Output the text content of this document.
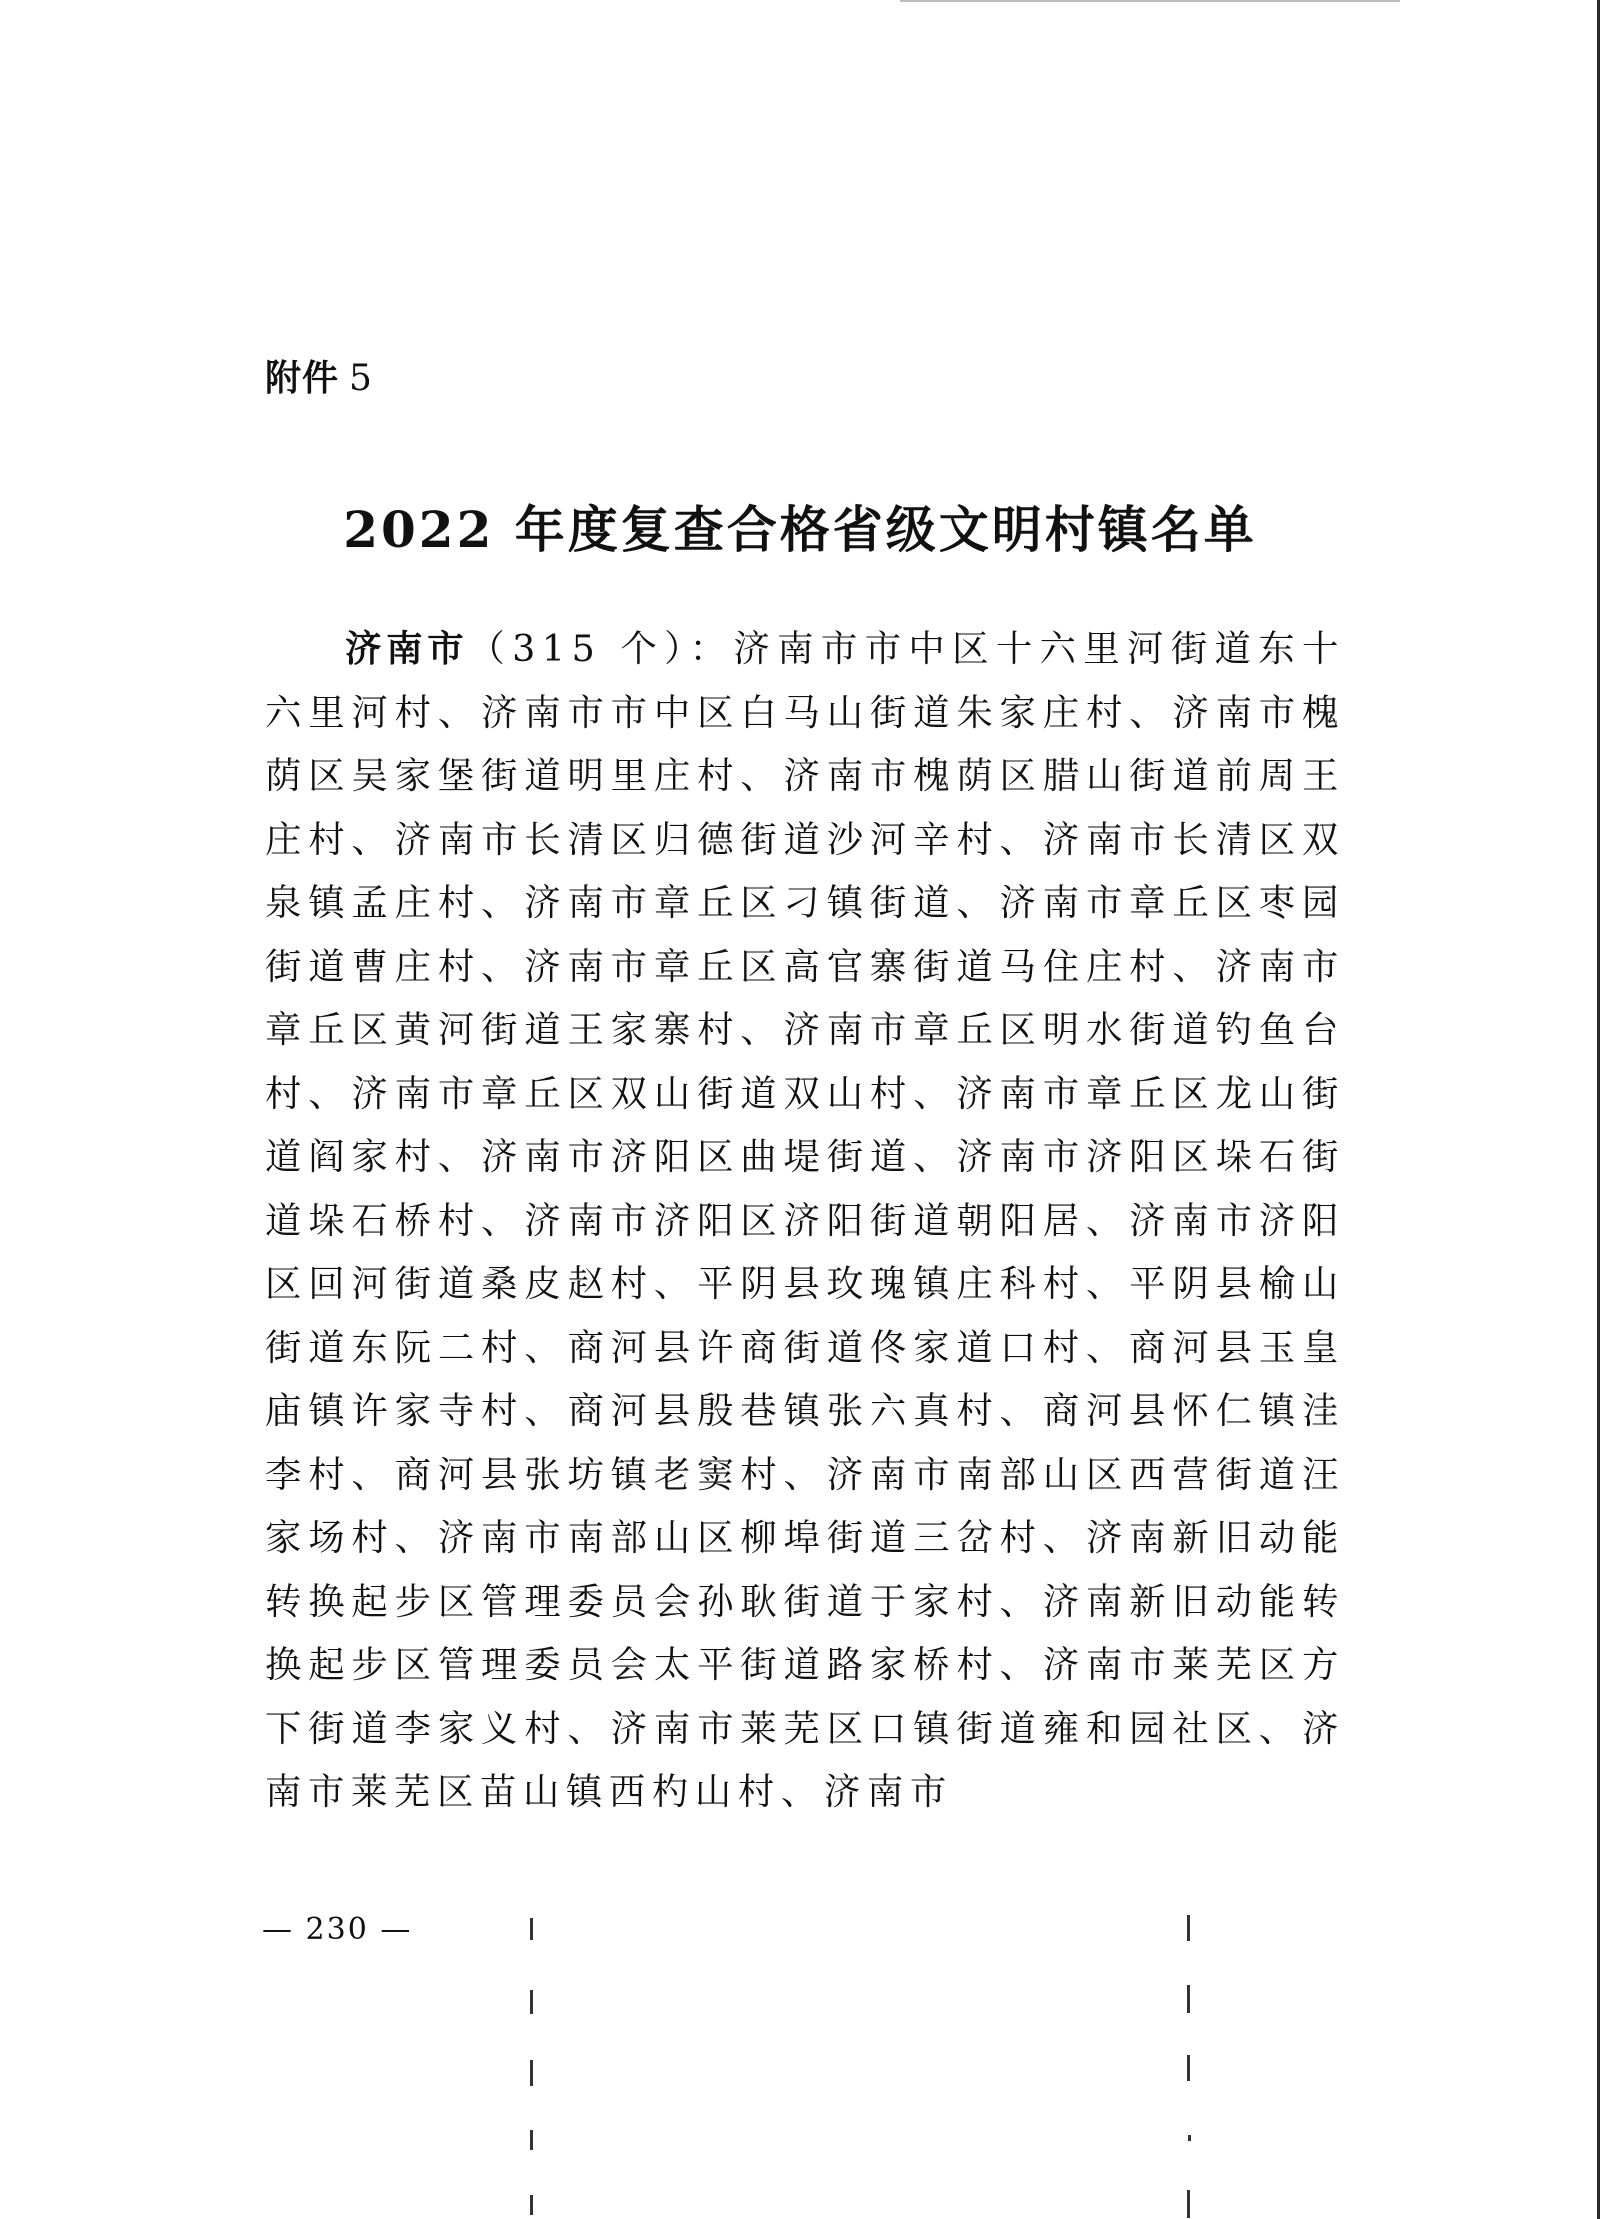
附件 5
2022 年度复查合格省级文明村镇名单

济南市（315 个）：济南市市中区十六里河街道东十六里河村、济南市市中区白马山街道朱家庄村、济南市槐荫区吴家堡街道明里庄村、济南市槐荫区腊山街道前周王庄村、济南市长清区归德街道沙河辛村、济南市长清区双泉镇孟庄村、济南市章丘区刁镇街道、济南市章丘区枣园街道曹庄村、济南市章丘区高官寨街道马住庄村、济南市章丘区黄河街道王家寨村、济南市章丘区明水街道钓鱼台村、济南市章丘区双山街道双山村、济南市章丘区龙山街道阎家村、济南市济阳区曲堤街道、济南市济阳区垛石街道垛石桥村、济南市济阳区济阳街道朝阳居、济南市济阳区回河街道桑皮赵村、平阴县玫瑰镇庄科村、平阴县榆山街道东阮二村、商河县许商街道佟家道口村、商河县玉皇庙镇许家寺村、商河县殷巷镇张六真村、商河县怀仁镇洼李村、商河县张坊镇老窦村、济南市南部山区西营街道汪家场村、济南市南部山区柳埠街道三岔村、济南新旧动能转换起步区管理委员会孙耿街道于家村、济南新旧动能转换起步区管理委员会太平街道路家桥村、济南市莱芜区方下街道李家义村、济南市莱芜区口镇街道雍和园社区、济南市莱芜区苗山镇西杓山村、济南市

— 230 —
